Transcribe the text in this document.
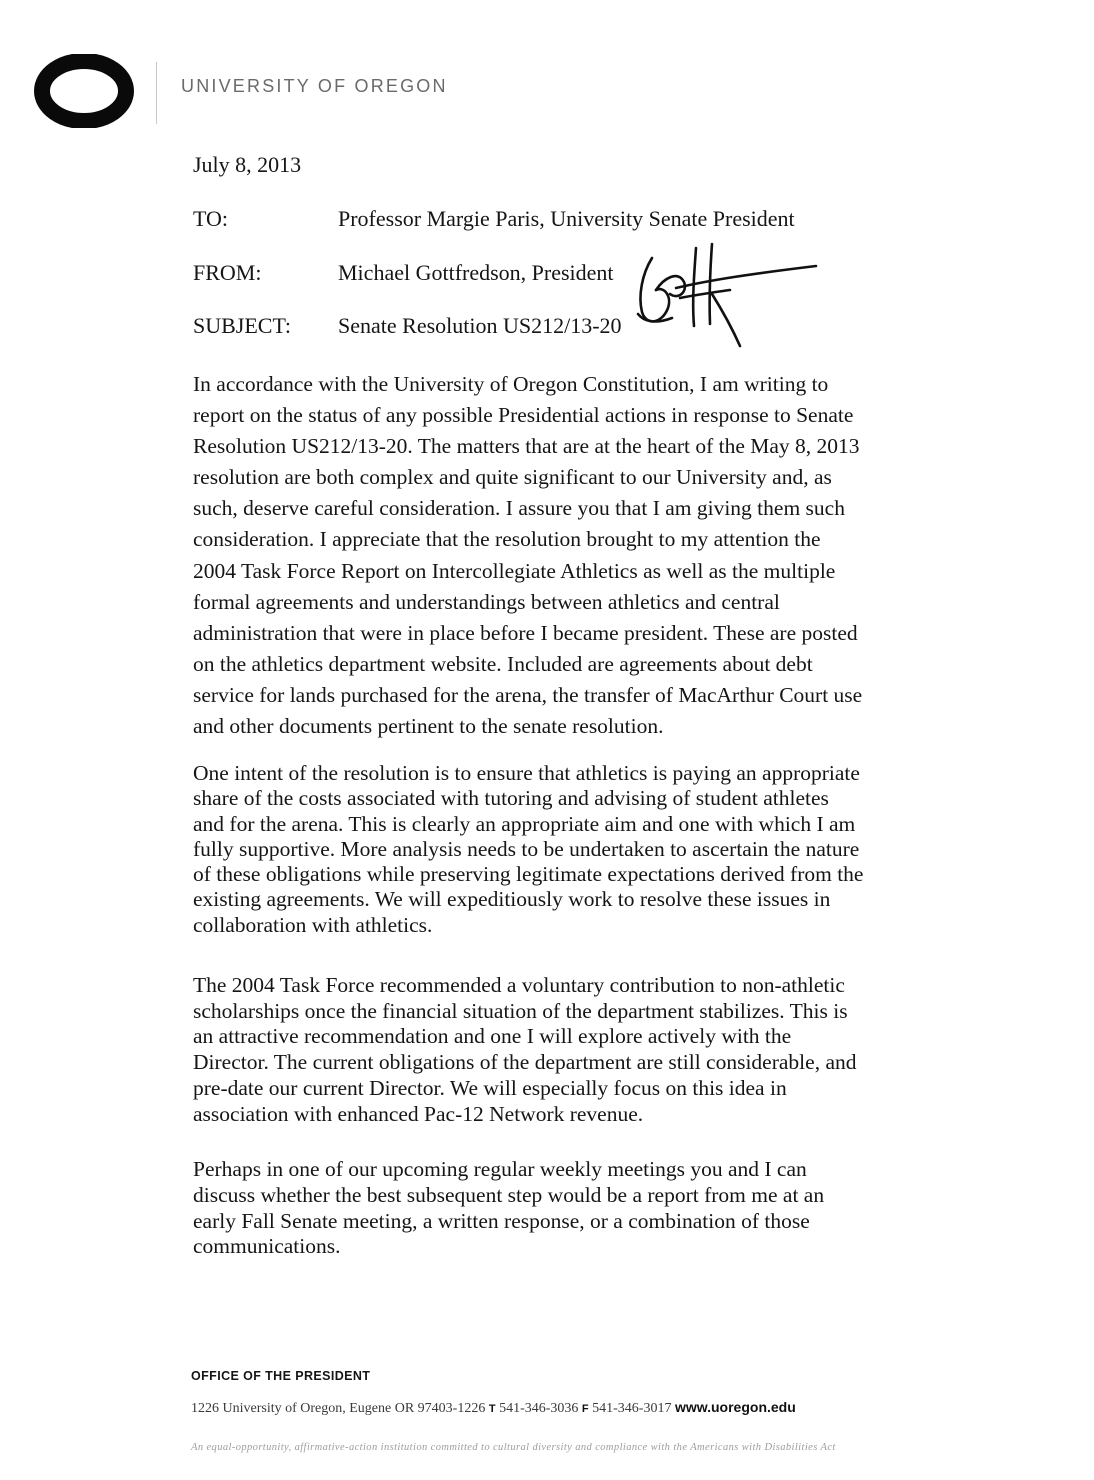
UNIVERSITY OF OREGON
July 8, 2013
TO:	Professor Margie Paris, University Senate President
FROM:	Michael Gottfredson, President
SUBJECT: Senate Resolution US212/13-20

In accordance with the University of Oregon Constitution, I am writing to
report on the status of any possible Presidential actions in response to Senate
Resolution US212/13-20. The matters that are at the heart of the May 8, 2013
resolution are both complex and quite significant to our University and, as
such, deserve careful consideration. I assure you that I am giving them such
consideration. I appreciate that the resolution brought to my attention the
2004 Task Force Report on Intercollegiate Athletics as well as the multiple
formal agreements and understandings between athletics and central
administration that were in place before I became president. These are posted
on the athletics department website. Included are agreements about debt
service for lands purchased for the arena, the transfer of MacArthur Court use
and other documents pertinent to the senate resolution.

One intent of the resolution is to ensure that athletics is paying an appropriate
share of the costs associated with tutoring and advising of student athletes
and for the arena. This is clearly an appropriate aim and one with which I am
fully supportive. More analysis needs to be undertaken to ascertain the nature
of these obligations while preserving legitimate expectations derived from the
existing agreements. We will expeditiously work to resolve these issues in
collaboration with athletics.

The 2004 Task Force recommended a voluntary contribution to non-athletic
scholarships once the financial situation of the department stabilizes. This is
an attractive recommendation and one I will explore actively with the
Director. The current obligations of the department are still considerable, and
pre-date our current Director. We will especially focus on this idea in
association with enhanced Pac-12 Network revenue.

Perhaps in one of our upcoming regular weekly meetings you and I can
discuss whether the best subsequent step would be a report from me at an
early Fall Senate meeting, a written response, or a combination of those
communications.

OFFICE OF THE PRESIDENT
1226 University of Oregon, Eugene OR 97403-1226 T 541-346-3036 F 541-346-3017 www.uoregon.edu
An equal-opportunity, affirmative-action institution committed to cultural diversity and compliance with the Americans with Disabilities Act
